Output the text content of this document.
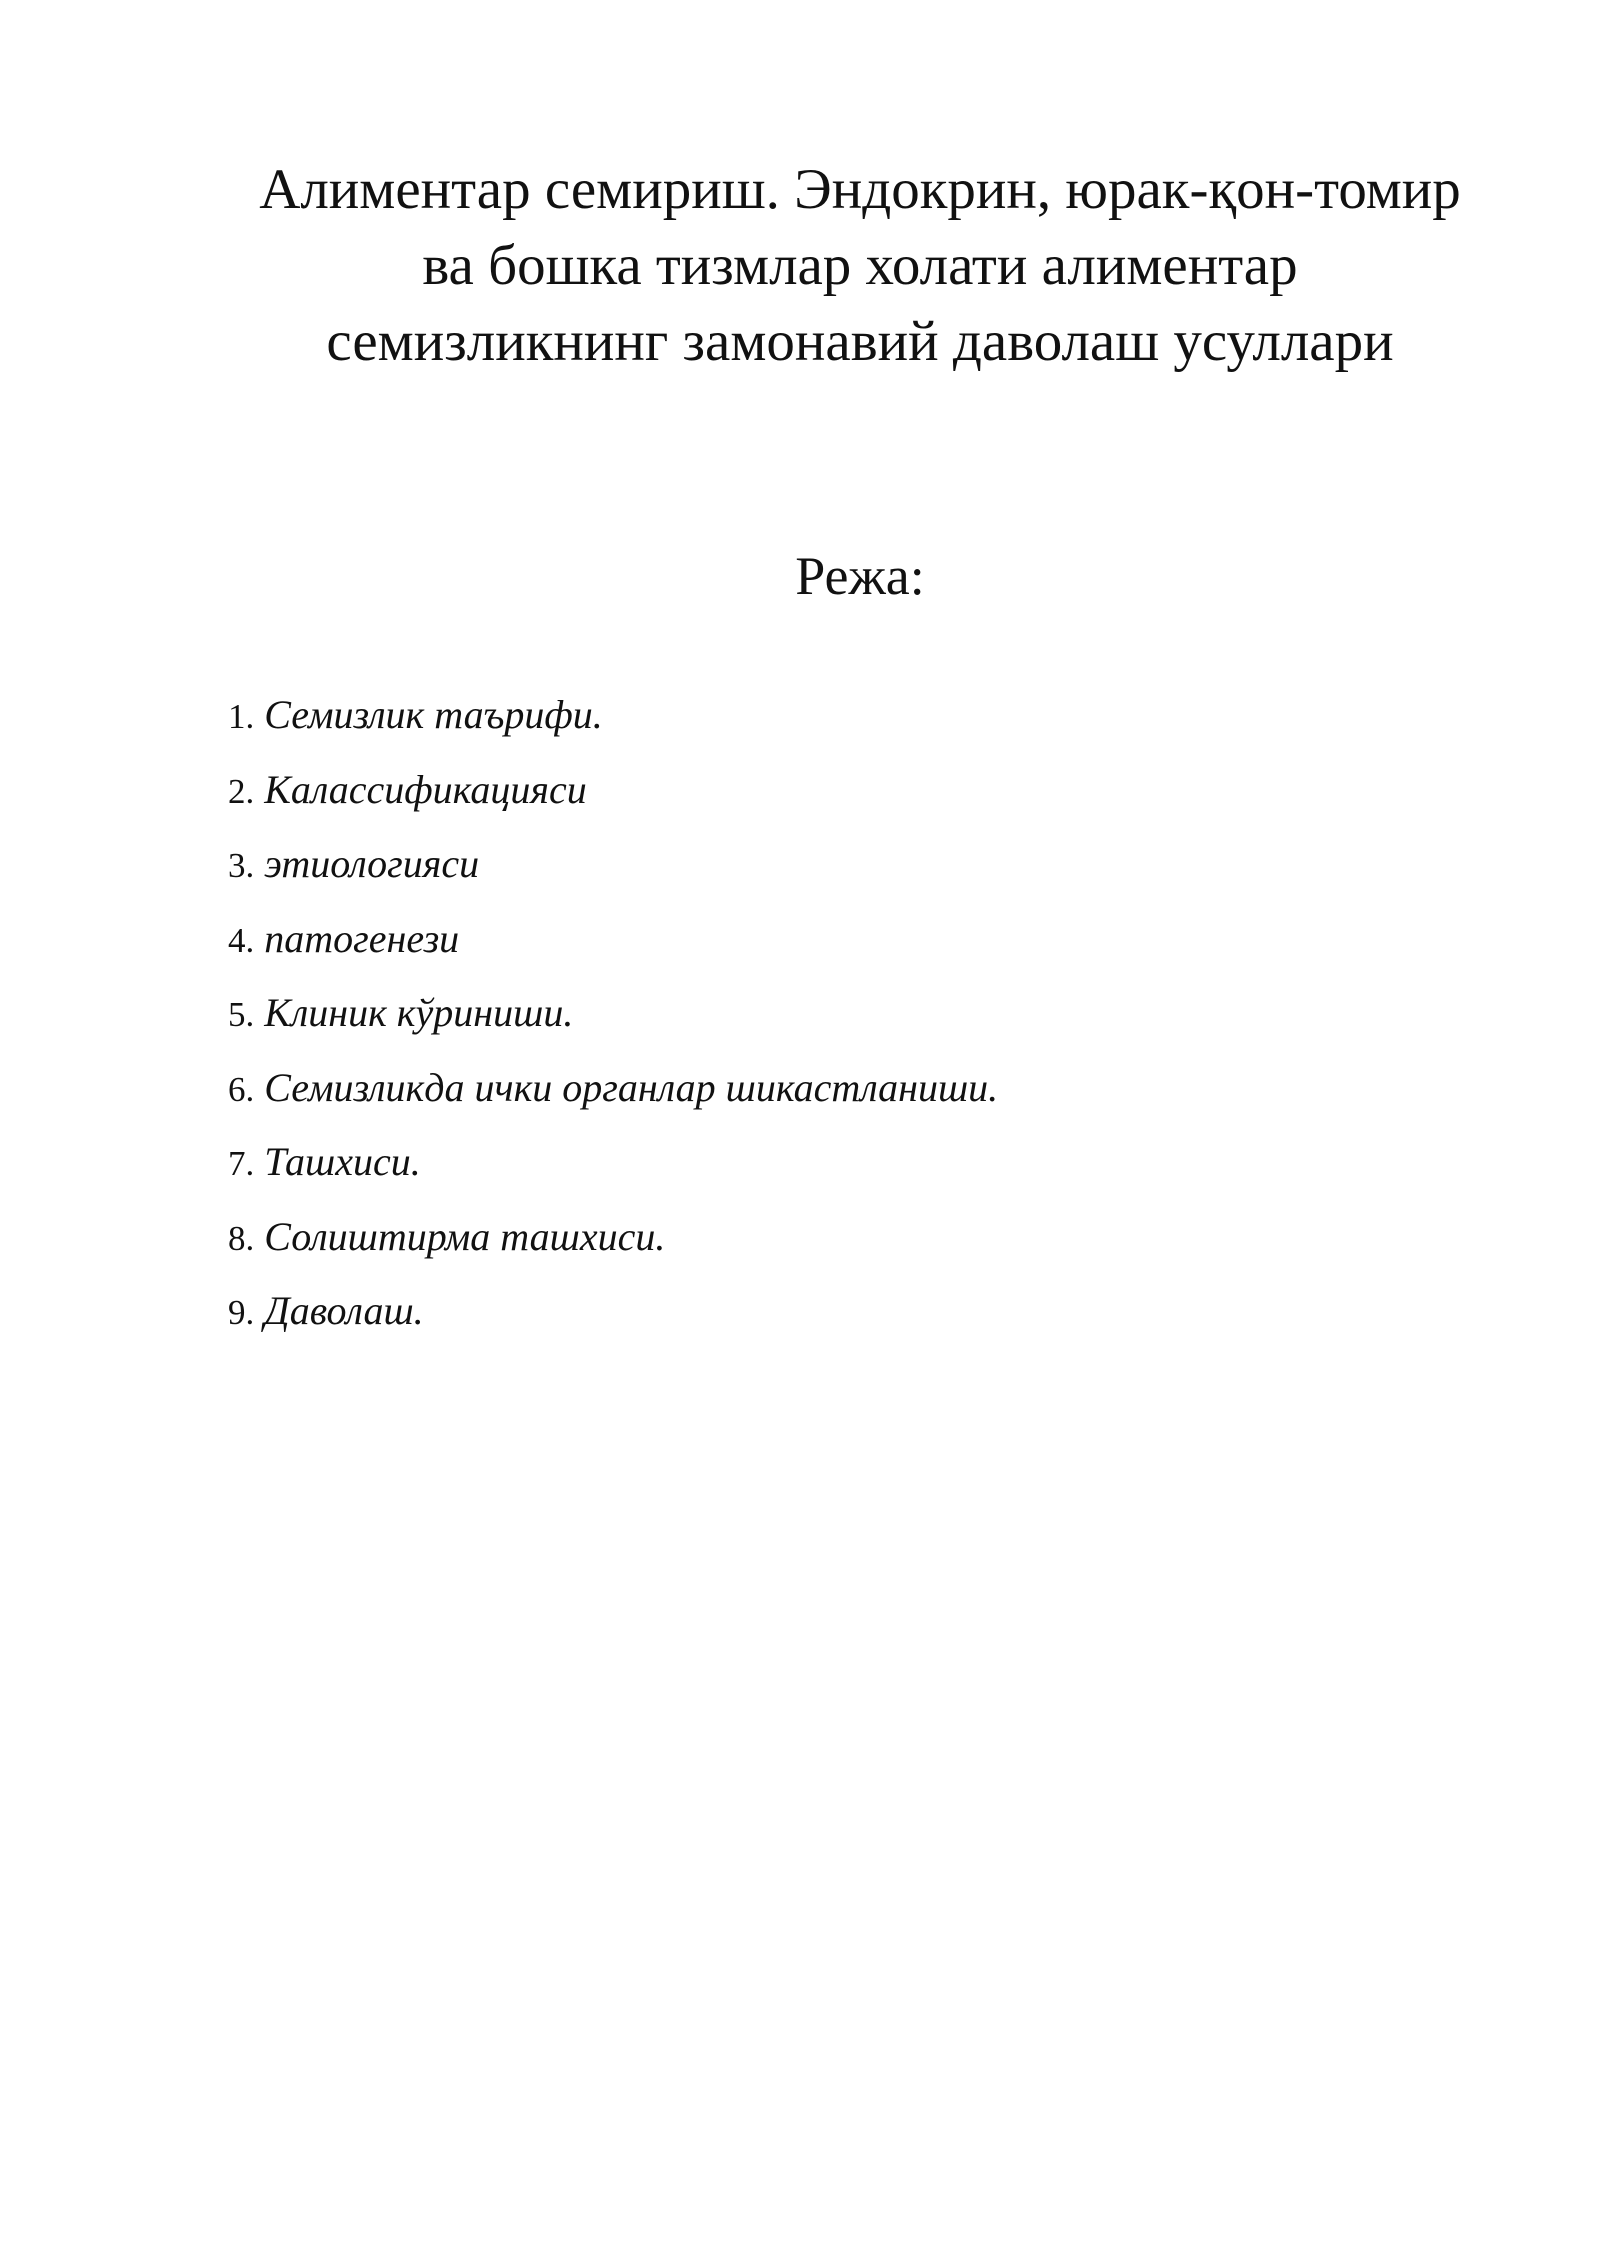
Алиментар семириш. Эндокрин, юрак-қон-томир
ва бошка тизмлар холати алиментар
семизликнинг замонавий даволаш усуллари
Режа:
1. Семизлик таърифи.
2. Калассификацияси
3. этиологияси
4. патогенези
5. Клиник кўриниши.
6. Семизликда ички органлар шикастланиши.
7. Ташхиси.
8. Солиштирма ташхиси.
9. Даволаш.
